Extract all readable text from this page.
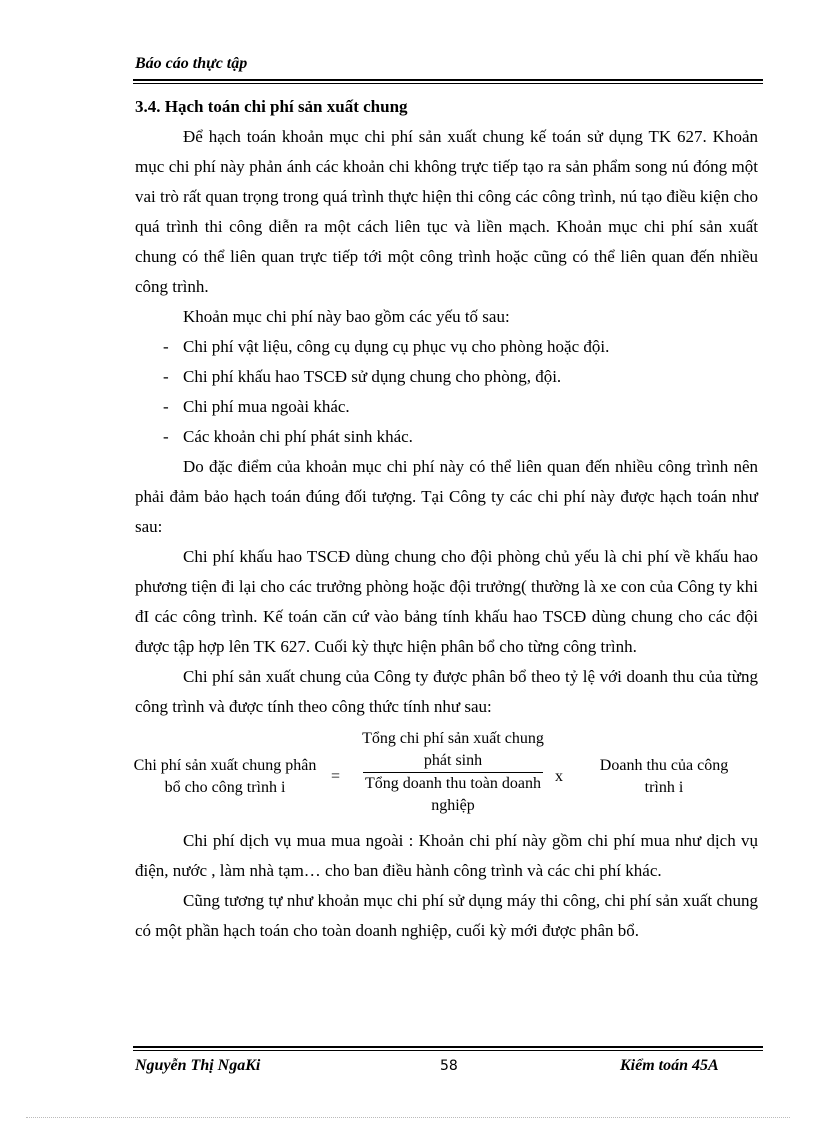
Báo cáo thực tập

3.4. Hạch toán chi phí sản xuất chung

Để hạch toán khoản mục chi phí sản xuất chung kế toán sử dụng TK 627. Khoản mục chi phí này phản ánh các khoản chi không trực tiếp tạo ra sản phẩm song nú đóng một vai trò rất quan trọng trong quá trình thực hiện thi công các công trình, nú tạo điều kiện cho quá trình thi công diễn ra một cách liên tục và liền mạch. Khoản mục chi phí sản xuất chung có thể liên quan trực tiếp tới một công trình hoặc cũng có thể liên quan đến nhiều công trình.

Khoản mục chi phí này bao gồm các yếu tố sau:

- Chi phí vật liệu, công cụ dụng cụ phục vụ cho phòng hoặc đội.
- Chi phí khấu hao TSCĐ sử dụng chung cho phòng, đội.
- Chi phí mua ngoài khác.
- Các khoản chi phí phát sinh khác.

Do đặc điểm của khoản mục chi phí này có thể liên quan đến nhiều công trình nên phải đảm bảo hạch toán đúng đối tượng. Tại Công ty các chi phí này được hạch toán như sau:

Chi phí khấu hao TSCĐ dùng chung cho đội phòng chủ yếu là chi phí về khấu hao phương tiện đi lại cho các trưởng phòng hoặc đội trưởng( thường là xe con của Công ty khi đI các công trình. Kế toán căn cứ vào bảng tính khấu hao TSCĐ dùng chung cho các đội được tập hợp lên TK 627. Cuối kỳ thực hiện phân bổ cho từng công trình.

Chi phí sản xuất chung của Công ty được phân bổ theo tỷ lệ với doanh thu của từng công trình và được tính theo công thức tính như sau:

Chi phí sản xuất chung phân bổ cho công trình i
=
Tổng chi phí sản xuất chung phát sinh
Tổng doanh thu toàn doanh nghiệp
x
Doanh thu của công trình i

Chi phí dịch vụ mua mua ngoài : Khoản chi phí này gồm chi phí mua như dịch vụ điện, nước , làm nhà tạm… cho ban điều hành công trình và các chi phí khác.

Cũng tương tự như khoản mục chi phí sử dụng máy thi công, chi phí sản xuất chung có một phần hạch toán cho toàn doanh nghiệp, cuối kỳ mới được phân bổ.

Nguyễn Thị NgaKi	58	Kiểm toán 45A
